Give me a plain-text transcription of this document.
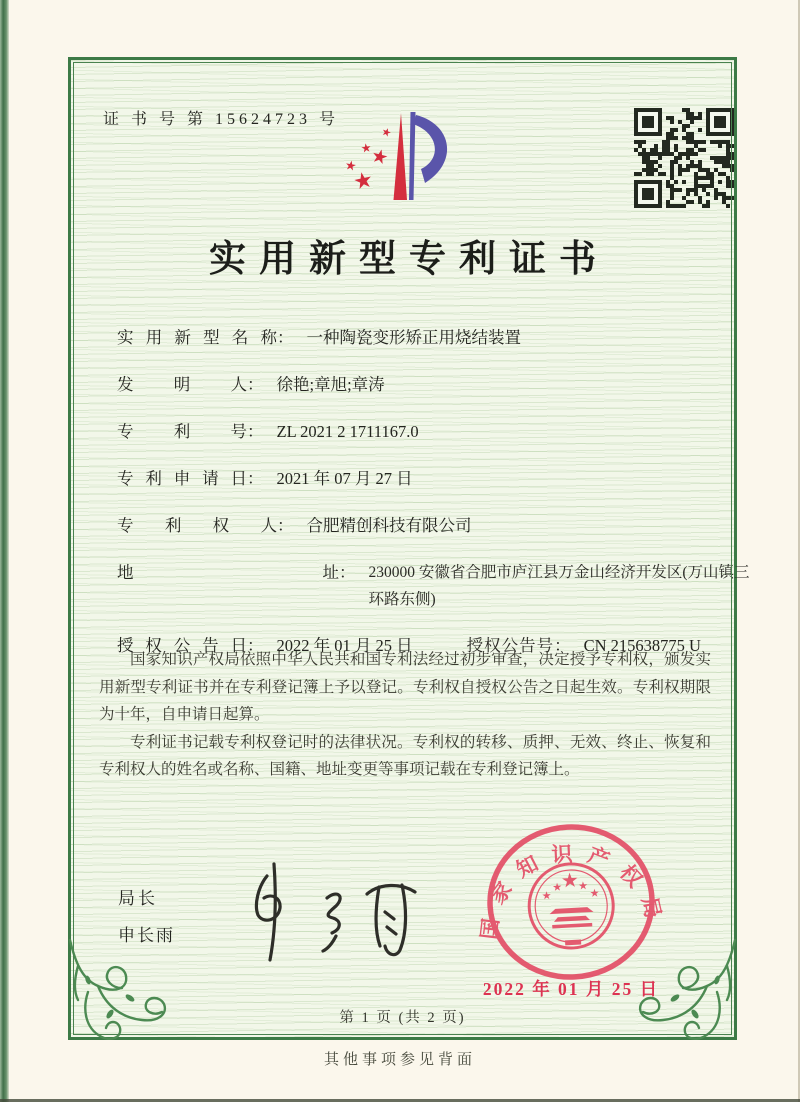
证 书 号 第 15624723 号
★
★ ★
★
★
实用新型专利证书
实用新型名称： 一种陶瓷变形矫正用烧结装置
发明人： 徐艳;章旭;章涛
专利号： ZL 2021 2 1711167.0
专利申请日： 2021 年 07 月 27 日
专利权人： 合肥精创科技有限公司
地址： 230000 安徽省合肥市庐江县万金山经济开发区(万山镇三
环路东侧)
授权公告日： 2022 年 01 月 25 日	授权公告号： CN 215638775 U

国家知识产权局依照中华人民共和国专利法经过初步审查，决定授予专利权，颁发实用新型专利证书并在专利登记簿上予以登记。专利权自授权公告之日起生效。专利权期限为十年，自申请日起算。

专利证书记载专利权登记时的法律状况。专利权的转移、质押、无效、终止、恢复和专利权人的姓名或名称、国籍、地址变更等事项记载在专利登记簿上。

局长
申长雨	国家知识产权局
★
★
★ ★
★
2022 年 01 月 25 日
第 1 页 (共 2 页)
其他事项参见背面
